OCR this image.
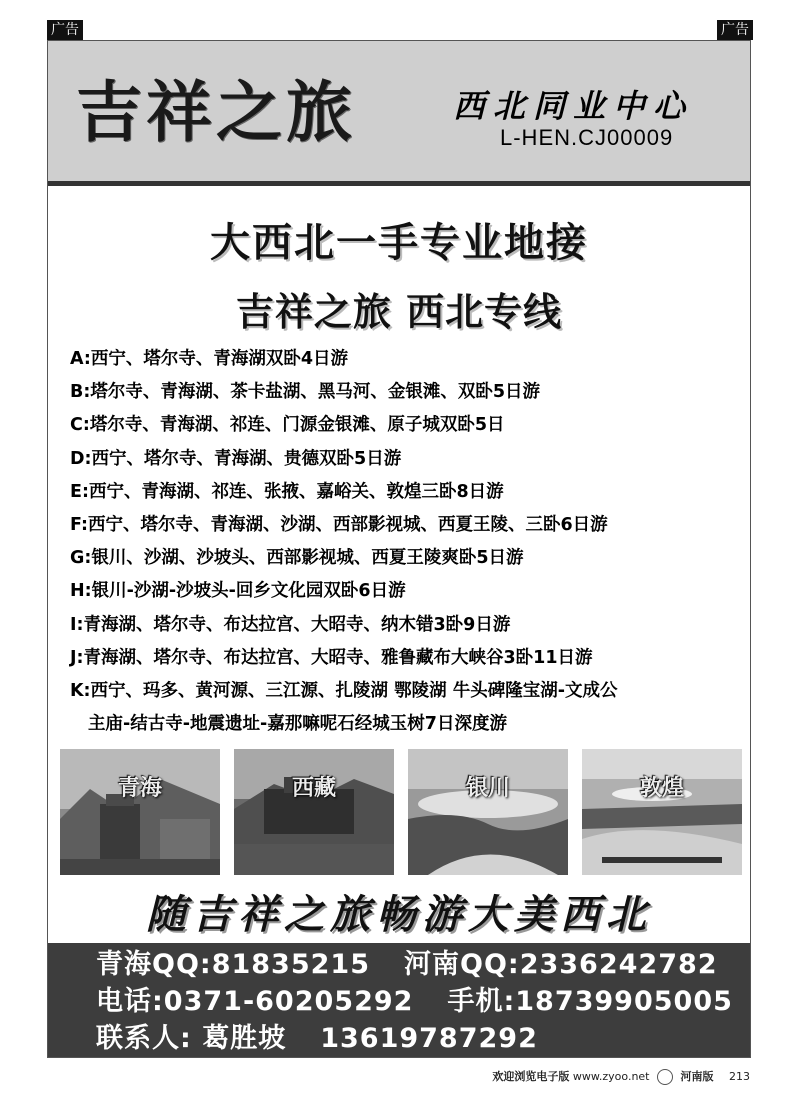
广告	广告
吉祥之旅	西北同业中心
L-HEN.CJ00009
大西北一手专业地接
吉祥之旅 西北专线
A:西宁、塔尔寺、青海湖双卧4日游
B:塔尔寺、青海湖、茶卡盐湖、黑马河、金银滩、双卧5日游
C:塔尔寺、青海湖、祁连、门源金银滩、原子城双卧5日
D:西宁、塔尔寺、青海湖、贵德双卧5日游
E:西宁、青海湖、祁连、张掖、嘉峪关、敦煌三卧8日游
F:西宁、塔尔寺、青海湖、沙湖、西部影视城、西夏王陵、三卧6日游
G:银川、沙湖、沙坡头、西部影视城、西夏王陵爽卧5日游
H:银川-沙湖-沙坡头-回乡文化园双卧6日游
I:青海湖、塔尔寺、布达拉宫、大昭寺、纳木错3卧9日游
J:青海湖、塔尔寺、布达拉宫、大昭寺、雅鲁藏布大峡谷3卧11日游
K:西宁、玛多、黄河源、三江源、扎陵湖 鄂陵湖 牛头碑隆宝湖-文成公
主庙-结古寺-地震遗址-嘉那嘛呢石经城玉树7日深度游
青海	西藏	银川	敦煌
随吉祥之旅畅游大美西北
青海QQ:81835215 河南QQ:2336242782
电话:0371-60205292 手机:18739905005
联系人: 葛胜坡 13619787292
欢迎浏览电子版 www.zyoo.net	河南版 213
